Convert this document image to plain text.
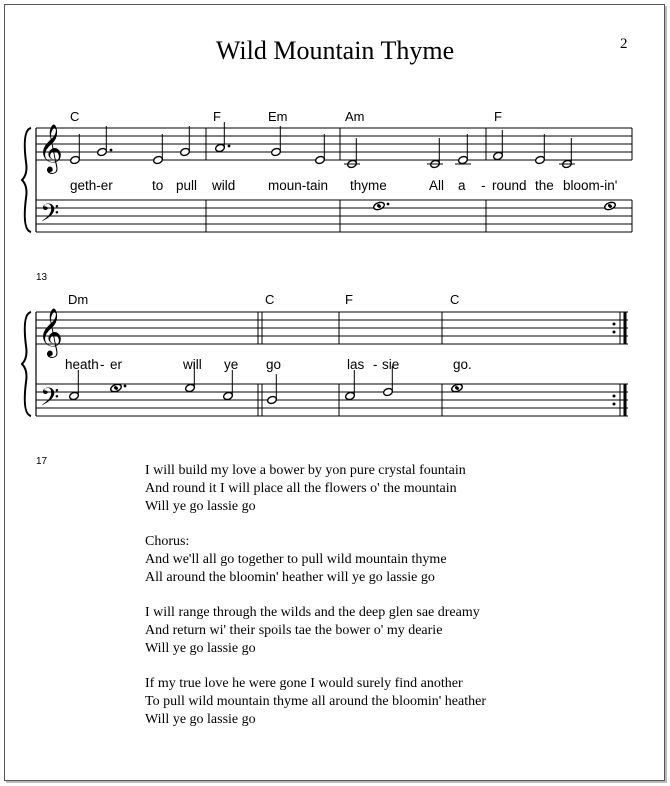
Wild Mountain Thyme	2
C	F	Em	Am	F
geth-er	to pull wild moun-tain thyme	All a - round the bloom-in'
13
Dm	C	F	C
heath - er	will ye go	las - sie	go.
17
I will build my love a bower by yon pure crystal fountain
And round it I will place all the flowers o' the mountain
Will ye go lassie go
Chorus:
And we'll all go together to pull wild mountain thyme
All around the bloomin' heather will ye go lassie go
I will range through the wilds and the deep glen sae dreamy
And return wi' their spoils tae the bower o' my dearie
Will ye go lassie go
If my true love he were gone I would surely find another
To pull wild mountain thyme all around the bloomin' heather
Will ye go lassie go
𝄞
𝄢
𝄞
𝄢
